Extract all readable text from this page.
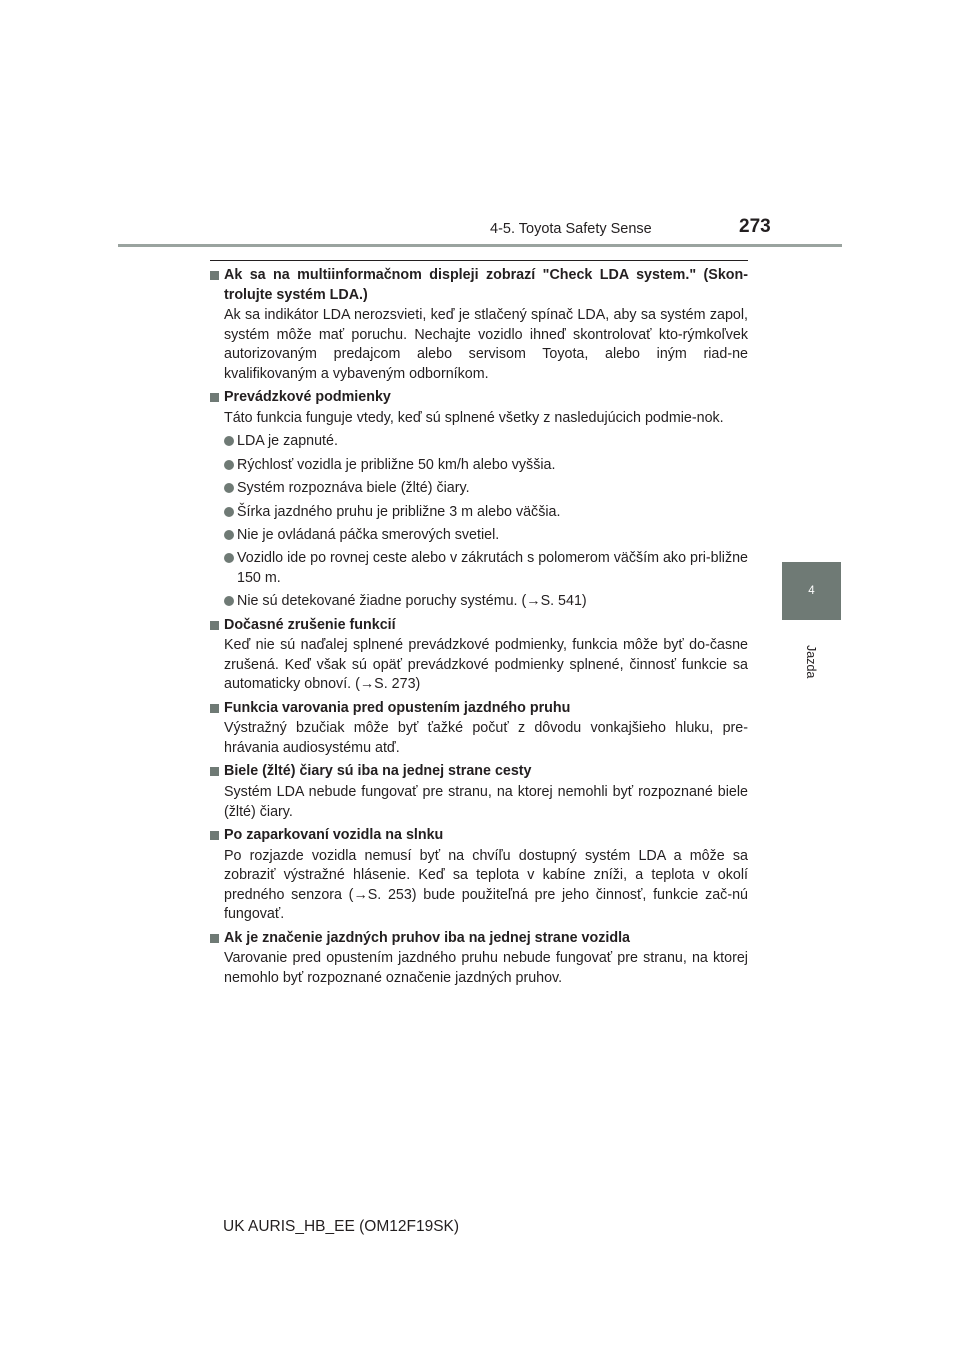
4-5. Toyota Safety Sense	273
4
Jazda
Ak sa na multiinformačnom displeji zobrazí "Check LDA system." (Skon-trolujte systém LDA.)
Ak sa indikátor LDA nerozsvieti, keď je stlačený spínač LDA, aby sa systém zapol, systém môže mať poruchu. Nechajte vozidlo ihneď skontrolovať kto-rýmkoľvek autorizovaným predajcom alebo servisom Toyota, alebo iným riad-ne kvalifikovaným a vybaveným odborníkom.
Prevádzkové podmienky
Táto funkcia funguje vtedy, keď sú splnené všetky z nasledujúcich podmie-nok.
LDA je zapnuté.
Rýchlosť vozidla je približne 50 km/h alebo vyššia.
Systém rozpoznáva biele (žlté) čiary.
Šírka jazdného pruhu je približne 3 m alebo väčšia.
Nie je ovládaná páčka smerových svetiel.
Vozidlo ide po rovnej ceste alebo v zákrutách s polomerom väčším ako pri-bližne 150 m.
Nie sú detekované žiadne poruchy systému. (→S. 541)
Dočasné zrušenie funkcií
Keď nie sú naďalej splnené prevádzkové podmienky, funkcia môže byť do-časne zrušená. Keď však sú opäť prevádzkové podmienky splnené, činnosť funkcie sa automaticky obnoví. (→S. 273)
Funkcia varovania pred opustením jazdného pruhu
Výstražný bzučiak môže byť ťažké počuť z dôvodu vonkajšieho hluku, pre-hrávania audiosystému atď.
Biele (žlté) čiary sú iba na jednej strane cesty
Systém LDA nebude fungovať pre stranu, na ktorej nemohli byť rozpoznané biele (žlté) čiary.
Po zaparkovaní vozidla na slnku
Po rozjazde vozidla nemusí byť na chvíľu dostupný systém LDA a môže sa zobraziť výstražné hlásenie. Keď sa teplota v kabíne zníži, a teplota v okolí predného senzora (→S. 253) bude použiteľná pre jeho činnosť, funkcie zač-nú fungovať.
Ak je značenie jazdných pruhov iba na jednej strane vozidla
Varovanie pred opustením jazdného pruhu nebude fungovať pre stranu, na ktorej nemohlo byť rozpoznané označenie jazdných pruhov.
UK AURIS_HB_EE (OM12F19SK)
